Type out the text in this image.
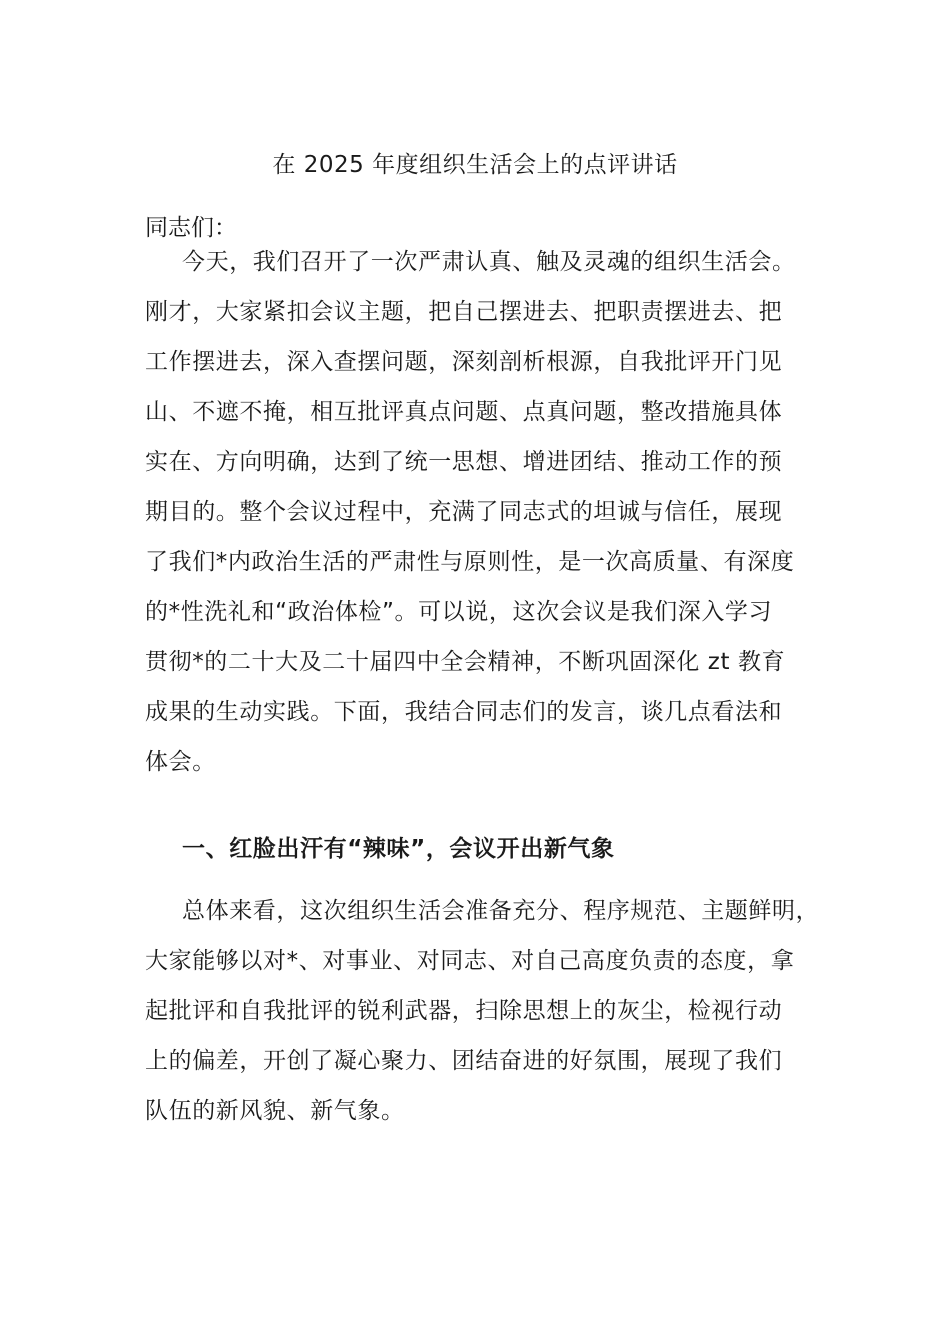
在 2025 年度组织生活会上的点评讲话
同志们：
今天，我们召开了一次严肃认真、触及灵魂的组织生活会。
刚才，大家紧扣会议主题，把自己摆进去、把职责摆进去、把
工作摆进去，深入查摆问题，深刻剖析根源，自我批评开门见
山、不遮不掩，相互批评真点问题、点真问题，整改措施具体
实在、方向明确，达到了统一思想、增进团结、推动工作的预
期目的。整个会议过程中，充满了同志式的坦诚与信任，展现
了我们*内政治生活的严肃性与原则性，是一次高质量、有深度
的*性洗礼和“政治体检”。可以说，这次会议是我们深入学习
贯彻*的二十大及二十届四中全会精神，不断巩固深化 zt 教育
成果的生动实践。下面，我结合同志们的发言，谈几点看法和
体会。
一、红脸出汗有“辣味”，会议开出新气象
总体来看，这次组织生活会准备充分、程序规范、主题鲜明，
大家能够以对*、对事业、对同志、对自己高度负责的态度，拿
起批评和自我批评的锐利武器，扫除思想上的灰尘，检视行动
上的偏差，开创了凝心聚力、团结奋进的好氛围，展现了我们
队伍的新风貌、新气象。
